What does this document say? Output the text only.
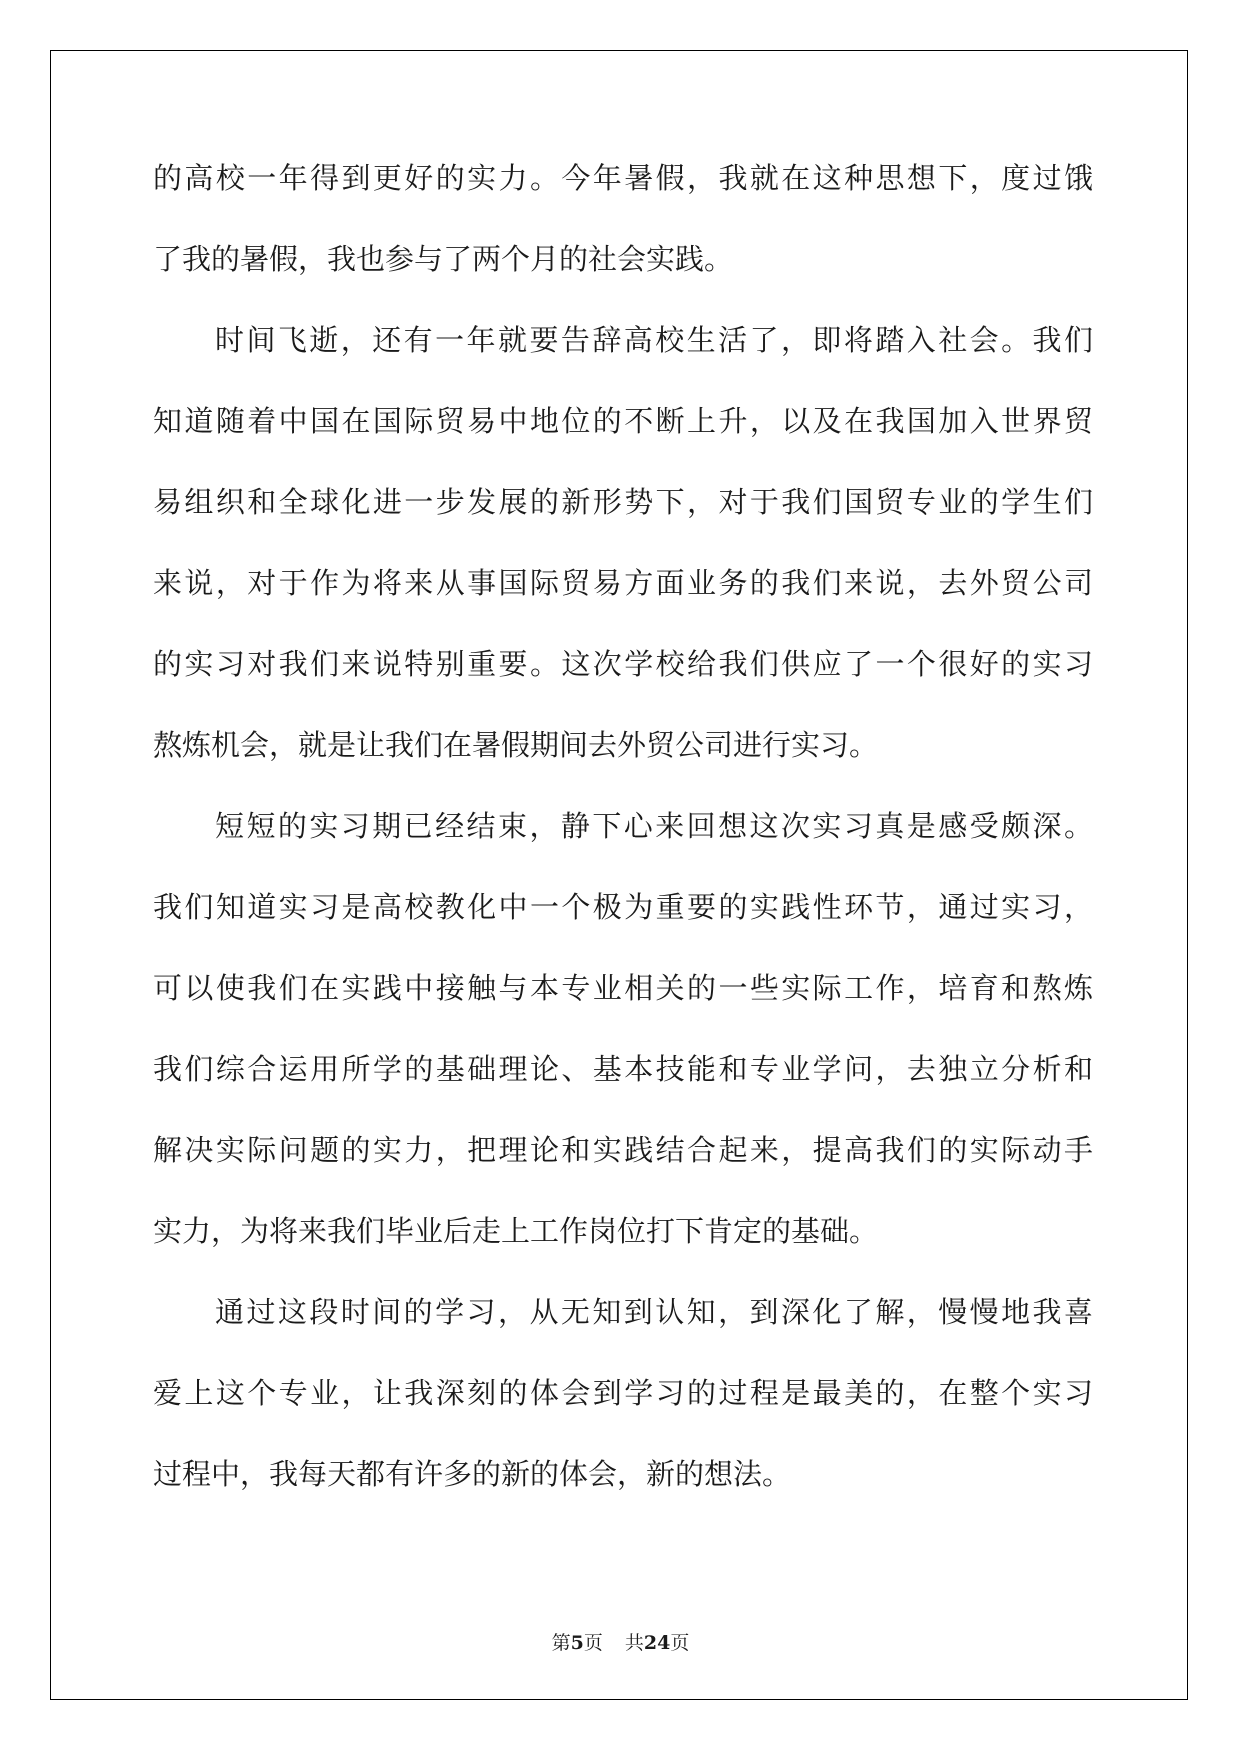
的高校一年得到更好的实力。今年暑假，我就在这种思想下，度过饿
了我的暑假，我也参与了两个月的社会实践。
时间飞逝，还有一年就要告辞高校生活了，即将踏入社会。我们
知道随着中国在国际贸易中地位的不断上升，以及在我国加入世界贸
易组织和全球化进一步发展的新形势下，对于我们国贸专业的学生们
来说，对于作为将来从事国际贸易方面业务的我们来说，去外贸公司
的实习对我们来说特别重要。这次学校给我们供应了一个很好的实习
熬炼机会，就是让我们在暑假期间去外贸公司进行实习。
短短的实习期已经结束，静下心来回想这次实习真是感受颇深。
我们知道实习是高校教化中一个极为重要的实践性环节，通过实习，
可以使我们在实践中接触与本专业相关的一些实际工作，培育和熬炼
我们综合运用所学的基础理论、基本技能和专业学问，去独立分析和
解决实际问题的实力，把理论和实践结合起来，提高我们的实际动手
实力，为将来我们毕业后走上工作岗位打下肯定的基础。
通过这段时间的学习，从无知到认知，到深化了解，慢慢地我喜
爱上这个专业，让我深刻的体会到学习的过程是最美的，在整个实习
过程中，我每天都有许多的新的体会，新的想法。
第5页 共24页
